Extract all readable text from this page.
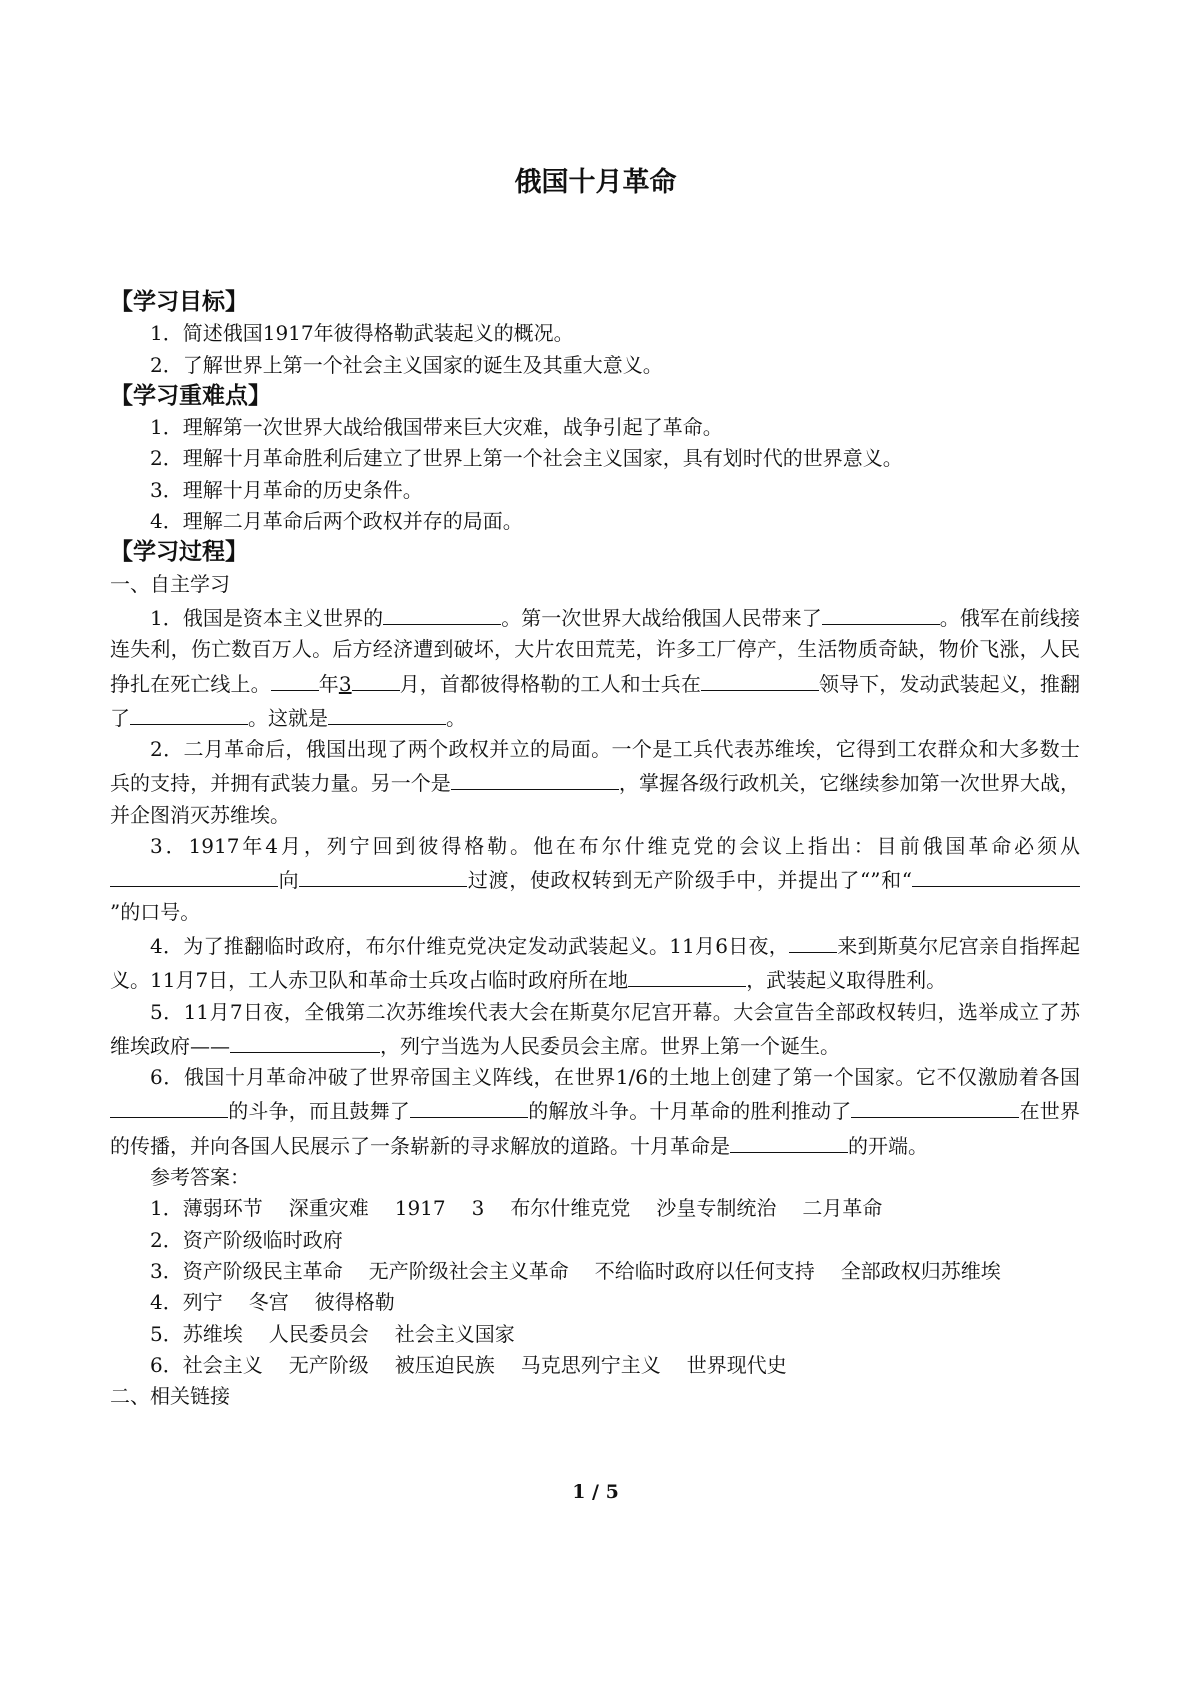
俄国十月革命
【学习目标】
1．简述俄国1917年彼得格勒武装起义的概况。
2．了解世界上第一个社会主义国家的诞生及其重大意义。
【学习重难点】
1．理解第一次世界大战给俄国带来巨大灾难，战争引起了革命。
2．理解十月革命胜利后建立了世界上第一个社会主义国家，具有划时代的世界意义。
3．理解十月革命的历史条件。
4．理解二月革命后两个政权并存的局面。
【学习过程】
一、自主学习
1．俄国是资本主义世界的	。第一次世界大战给俄国人民带来了	。俄军在前线接连失利，伤亡数百万人。后方经济遭到破坏，大片农田荒芜，许多工厂停产，生活物质奇缺，物价飞涨，人民挣扎在死亡线上。 年3 月，首都彼得格勒的工人和士兵在	领导下，发动武装起义，推翻了	。这就是	。
2．二月革命后，俄国出现了两个政权并立的局面。一个是工兵代表苏维埃，它得到工农群众和大多数士兵的支持，并拥有武装力量。另一个是	，掌握各级行政机关，它继续参加第一次世界大战，并企图消灭苏维埃。
3．1917年4月，列宁回到彼得格勒。他在布尔什维克党的会议上指出：目前俄国革命必须从向	过渡，使政权转到无产阶级手中，并提出了“”和“”的口号。
4．为了推翻临时政府，布尔什维克党决定发动武装起义。11月6日夜， 来到斯莫尔尼宫亲自指挥起义。11月7日，工人赤卫队和革命士兵攻占临时政府所在地	，武装起义取得胜利。
5．11月7日夜，全俄第二次苏维埃代表大会在斯莫尔尼宫开幕。大会宣告全部政权转归，选举成立了苏维埃政府——	，列宁当选为人民委员会主席。世界上第一个诞生。
6．俄国十月革命冲破了世界帝国主义阵线，在世界1/6的土地上创建了第一个国家。它不仅激励着各国的斗争，而且鼓舞了	的解放斗争。十月革命的胜利推动了	在世界的传播，并向各国人民展示了一条崭新的寻求解放的道路。十月革命是	的开端。
参考答案：
1．薄弱环节 深重灾难 1917 3 布尔什维克党 沙皇专制统治 二月革命
2．资产阶级临时政府
3．资产阶级民主革命 无产阶级社会主义革命 不给临时政府以任何支持 全部政权归苏维埃
4．列宁 冬宫 彼得格勒
5．苏维埃 人民委员会 社会主义国家
6．社会主义 无产阶级 被压迫民族 马克思列宁主义 世界现代史
二、相关链接
1 / 5
